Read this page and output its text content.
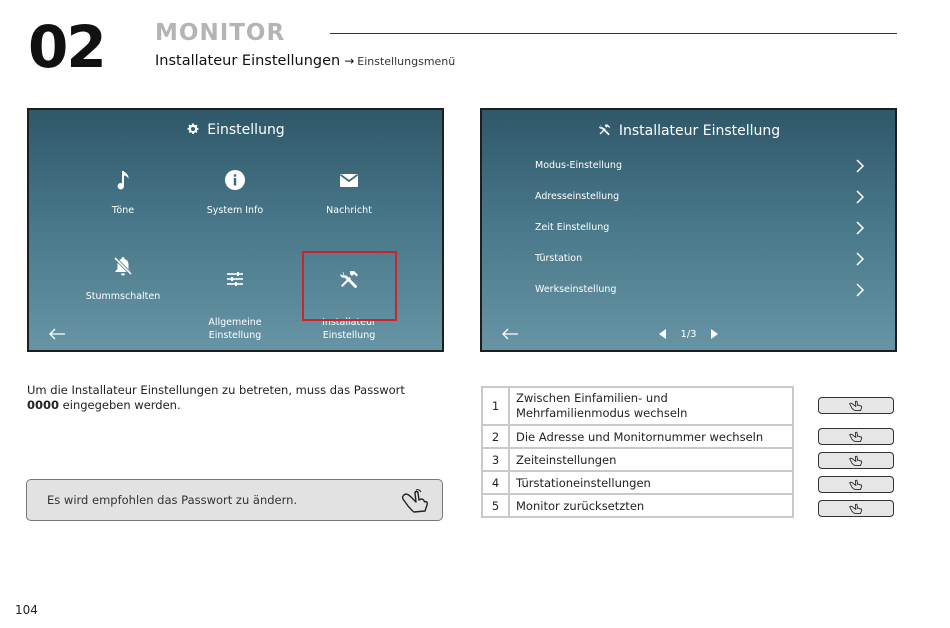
02 MONITOR
Installateur Einstellungen → Einstellungsmenü
Einstellung
Töne	System Info	Nachricht
Stummschalten

Allgemeine
Einstellung

Installateur
Einstellung

Installateur Einstellung
Modus-Einstellung
Adresseinstellung
Zeit Einstellung
Türstation
Werkseinstellung
1/3
Um die Installateur Einstellungen zu betreten, muss das Passwort
0000 eingegeben werden.
Es wird empfohlen das Passwort zu ändern.
1	Zwischen Einfamilien- und
Mehrfamilienmodus wechseln
2	Die Adresse und Monitornummer wechseln
3	Zeiteinstellungen
4	Türstationeinstellungen
5	Monitor zurücksetzten
104
